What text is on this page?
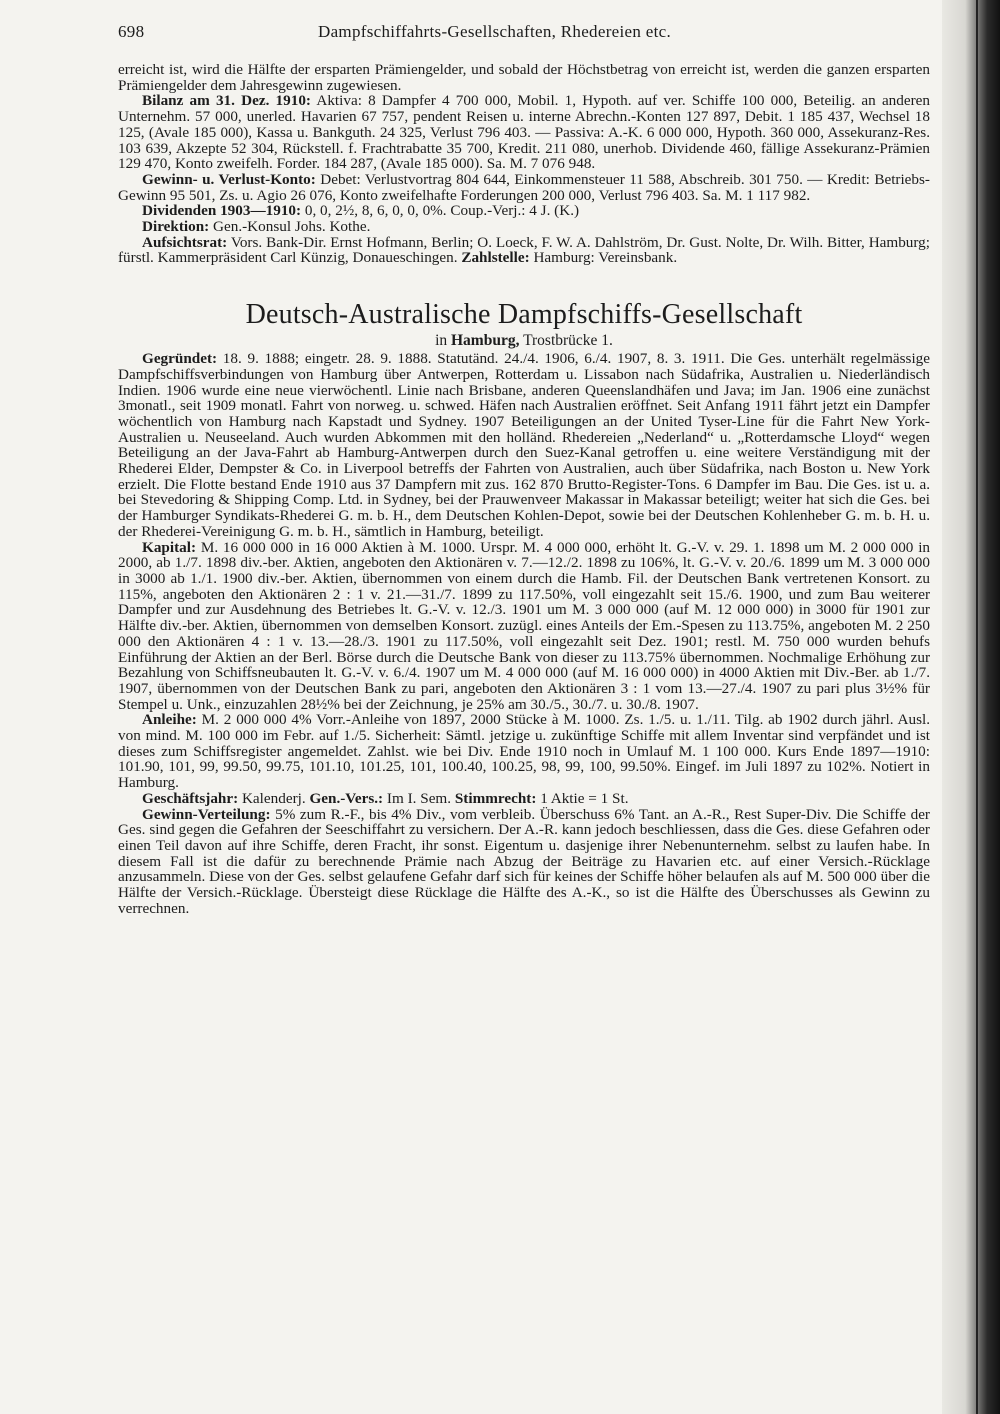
698	Dampfschiffahrts-Gesellschaften, Rhedereien etc.

erreicht ist, wird die Hälfte der ersparten Prämiengelder, und sobald der Höchstbetrag von erreicht ist, werden die ganzen ersparten Prämiengelder dem Jahresgewinn zugewiesen.

Bilanz am 31. Dez. 1910: Aktiva: 8 Dampfer 4 700 000, Mobil. 1, Hypoth. auf ver. Schiffe 100 000, Beteilig. an anderen Unternehm. 57 000, unerled. Havarien 67 757, pendent Reisen u. interne Abrechn.-Konten 127 897, Debit. 1 185 437, Wechsel 18 125, (Avale 185 000), Kassa u. Bankguth. 24 325, Verlust 796 403. — Passiva: A.-K. 6 000 000, Hypoth. 360 000, Assekuranz-Res. 103 639, Akzepte 52 304, Rückstell. f. Frachtrabatte 35 700, Kredit. 211 080, unerhob. Dividende 460, fällige Assekuranz-Prämien 129 470, Konto zweifelh. Forder. 184 287, (Avale 185 000). Sa. M. 7 076 948.

Gewinn- u. Verlust-Konto: Debet: Verlustvortrag 804 644, Einkommensteuer 11 588, Abschreib. 301 750. — Kredit: Betriebs-Gewinn 95 501, Zs. u. Agio 26 076, Konto zweifelhafte Forderungen 200 000, Verlust 796 403. Sa. M. 1 117 982.

Dividenden 1903—1910: 0, 0, 2½, 8, 6, 0, 0, 0%. Coup.-Verj.: 4 J. (K.)

Direktion: Gen.-Konsul Johs. Kothe.

Aufsichtsrat: Vors. Bank-Dir. Ernst Hofmann, Berlin; O. Loeck, F. W. A. Dahlström, Dr. Gust. Nolte, Dr. Wilh. Bitter, Hamburg; fürstl. Kammerpräsident Carl Künzig, Donaueschingen. Zahlstelle: Hamburg: Vereinsbank.

Deutsch-Australische Dampfschiffs-Gesellschaft
in Hamburg, Trostbrücke 1.

Gegründet: 18. 9. 1888; eingetr. 28. 9. 1888. Statutänd. 24./4. 1906, 6./4. 1907, 8. 3. 1911. Die Ges. unterhält regelmässige Dampfschiffsverbindungen von Hamburg über Antwerpen, Rotterdam u. Lissabon nach Südafrika, Australien u. Niederländisch Indien. 1906 wurde eine neue vierwöchentl. Linie nach Brisbane, anderen Queenslandhäfen und Java; im Jan. 1906 eine zunächst 3monatl., seit 1909 monatl. Fahrt von norweg. u. schwed. Häfen nach Australien eröffnet. Seit Anfang 1911 fährt jetzt ein Dampfer wöchentlich von Hamburg nach Kapstadt und Sydney. 1907 Beteiligungen an der United Tyser-Line für die Fahrt New York-Australien u. Neuseeland. Auch wurden Abkommen mit den holländ. Rhedereien „Nederland“ u. „Rotterdamsche Lloyd“ wegen Beteiligung an der Java-Fahrt ab Hamburg-Antwerpen durch den Suez-Kanal getroffen u. eine weitere Verständigung mit der Rhederei Elder, Dempster & Co. in Liverpool betreffs der Fahrten von Australien, auch über Südafrika, nach Boston u. New York erzielt. Die Flotte bestand Ende 1910 aus 37 Dampfern mit zus. 162 870 Brutto-Register-Tons. 6 Dampfer im Bau. Die Ges. ist u. a. bei Stevedoring & Shipping Comp. Ltd. in Sydney, bei der Prauwenveer Makassar in Makassar beteiligt; weiter hat sich die Ges. bei der Hamburger Syndikats-Rhederei G. m. b. H., dem Deutschen Kohlen-Depot, sowie bei der Deutschen Kohlenheber G. m. b. H. u. der Rhederei-Vereinigung G. m. b. H., sämtlich in Hamburg, beteiligt.

Kapital: M. 16 000 000 in 16 000 Aktien à M. 1000. Urspr. M. 4 000 000, erhöht lt. G.-V. v. 29. 1. 1898 um M. 2 000 000 in 2000, ab 1./7. 1898 div.-ber. Aktien, angeboten den Aktionären v. 7.—12./2. 1898 zu 106%, lt. G.-V. v. 20./6. 1899 um M. 3 000 000 in 3000 ab 1./1. 1900 div.-ber. Aktien, übernommen von einem durch die Hamb. Fil. der Deutschen Bank vertretenen Konsort. zu 115%, angeboten den Aktionären 2 : 1 v. 21.—31./7. 1899 zu 117.50%, voll eingezahlt seit 15./6. 1900, und zum Bau weiterer Dampfer und zur Ausdehnung des Betriebes lt. G.-V. v. 12./3. 1901 um M. 3 000 000 (auf M. 12 000 000) in 3000 für 1901 zur Hälfte div.-ber. Aktien, übernommen von demselben Konsort. zuzügl. eines Anteils der Em.-Spesen zu 113.75%, angeboten M. 2 250 000 den Aktionären 4 : 1 v. 13.—28./3. 1901 zu 117.50%, voll eingezahlt seit Dez. 1901; restl. M. 750 000 wurden behufs Einführung der Aktien an der Berl. Börse durch die Deutsche Bank von dieser zu 113.75% übernommen. Nochmalige Erhöhung zur Bezahlung von Schiffsneubauten lt. G.-V. v. 6./4. 1907 um M. 4 000 000 (auf M. 16 000 000) in 4000 Aktien mit Div.-Ber. ab 1./7. 1907, übernommen von der Deutschen Bank zu pari, angeboten den Aktionären 3 : 1 vom 13.—27./4. 1907 zu pari plus 3½% für Stempel u. Unk., einzuzahlen 28½% bei der Zeichnung, je 25% am 30./5., 30./7. u. 30./8. 1907.

Anleihe: M. 2 000 000 4% Vorr.-Anleihe von 1897, 2000 Stücke à M. 1000. Zs. 1./5. u. 1./11. Tilg. ab 1902 durch jährl. Ausl. von mind. M. 100 000 im Febr. auf 1./5. Sicherheit: Sämtl. jetzige u. zukünftige Schiffe mit allem Inventar sind verpfändet und ist dieses zum Schiffsregister angemeldet. Zahlst. wie bei Div. Ende 1910 noch in Umlauf M. 1 100 000. Kurs Ende 1897—1910: 101.90, 101, 99, 99.50, 99.75, 101.10, 101.25, 101, 100.40, 100.25, 98, 99, 100, 99.50%. Eingef. im Juli 1897 zu 102%. Notiert in Hamburg.

Geschäftsjahr: Kalenderj. Gen.-Vers.: Im I. Sem. Stimmrecht: 1 Aktie = 1 St.

Gewinn-Verteilung: 5% zum R.-F., bis 4% Div., vom verbleib. Überschuss 6% Tant. an A.-R., Rest Super-Div. Die Schiffe der Ges. sind gegen die Gefahren der Seeschiffahrt zu versichern. Der A.-R. kann jedoch beschliessen, dass die Ges. diese Gefahren oder einen Teil davon auf ihre Schiffe, deren Fracht, ihr sonst. Eigentum u. dasjenige ihrer Nebenunternehm. selbst zu laufen habe. In diesem Fall ist die dafür zu berechnende Prämie nach Abzug der Beiträge zu Havarien etc. auf einer Versich.-Rücklage anzusammeln. Diese von der Ges. selbst gelaufene Gefahr darf sich für keines der Schiffe höher belaufen als auf M. 500 000 über die Hälfte der Versich.-Rücklage. Übersteigt diese Rücklage die Hälfte des A.-K., so ist die Hälfte des Überschusses als Gewinn zu verrechnen.
